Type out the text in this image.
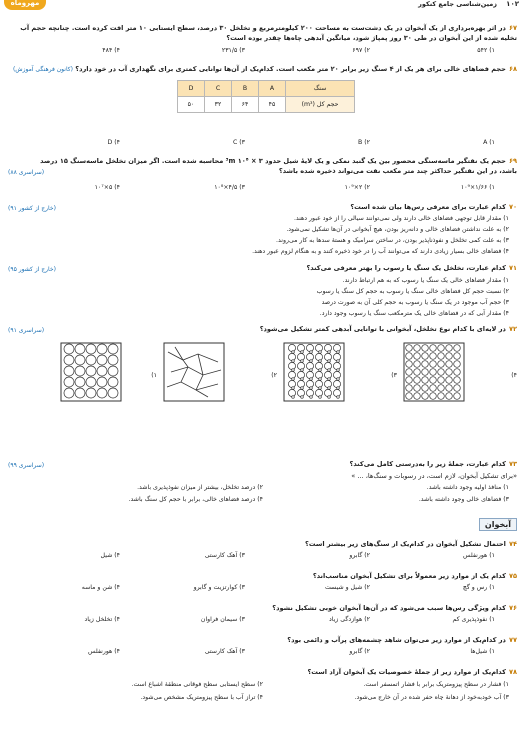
مهروماه	۱۰۲
زمین‌شناسی جامع کنکور
۶۷در اثر بهره‌برداری از یک آبخوان در یک دشت‌ست به مساحت ۲۰۰ کیلومترمربع و تخلخل ۳۰ درصد، سطح ایستابی ۱۰ متر افت کرده است. چنانچه حجم آب
تخلیه شده از این آبخوان در طی ۳۰ روز پمپاژ شود، میانگین آبدهی چاه‌ها چقدر بوده است؟
۱) ۵۴۲
۲) ۶۹۷
۳) ۲۳۱/۵
۴) ۴۸۴
۶۸حجم فضاهای خالی برای هر یک از ۴ سنگ زیر برابر ۲۰ متر مکعب است. کدام‌یک از آن‌ها توانایی کمتری برای نگهداری آب در خود دارد؟ (کانون فرهنگی آموزش)
سنگ	A	B	C	D
حجم کل (m³)	۴۵	۶۴	۳۲	۵۰
A (۱
B (۲
C (۳
D (۴
۶۹حجم یک نفتگیر ماسه‌سنگی محصور بین یک گنبد نمکی و یک لایهٔ شیل حدود ³m ۱۰⁸ × ۳ محاسبه شده است. اگر میزان تخلخل ماسه‌سنگ ۱۵ درصد
باشد، در این نفتگیر حداکثر چند متر مکعب نفت می‌تواند ذخیره شده باشد؟
(سراسری ۸۸)
۱) ۱/۶۶×۱۰⁹
۲) ۲×۱۰⁹
۳) ۴/۵×۱۰⁸
۴) ۵×۱۰⁷
۷۰کدام عبارت برای معرفی رس‌ها بیان شده است؟
(خارج از کشور ۹۱)
۱) مقدار قابل توجهی فضاهای خالی دارند ولی نمی‌توانند سیالی را از خود عبور دهند.
۲) به علت نداشتن فضاهای خالی و دانه‌ریز بودن، هیچ آبخوانی در آن‌ها تشکیل نمی‌شود.
۳) به علت کمی تخلخل و نفوذناپذیر بودن، در ساختن سرامیک و هستهٔ سدها به کار می‌روند.
۴) فضاهای خالی بسیار زیادی دارند که می‌توانند آب را در خود ذخیره کنند و به هنگام لزوم عبور دهند.
۷۱کدام عبارت، تخلخل یک سنگ یا رسوب را بهتر معرفی می‌کند؟
(خارج از کشور ۹۵)
۱) مقدار فضاهای خالی یک سنگ یا رسوب که به هم ارتباط دارند.
۲) نسبت حجم کل فضاهای خالی سنگ یا رسوب به حجم کل سنگ یا رسوب
۳) حجم آب موجود در یک سنگ یا رسوب به حجم کلی آن به صورت درصد
۴) مقدار آبی که در فضاهای خالی یک مترمکعب سنگ یا رسوب وجود دارد.
۷۲در لایه‌ای با کدام نوع تخلخل، آبخوانی با توانایی آبدهی کمتر تشکیل می‌شود؟
(سراسری ۹۱)
۱)	۲)	۳)	۴)
۷۳کدام عبارت، جملهٔ زیر را به‌درستی کامل می‌کند؟
(سراسری ۹۹)
«برای تشکیل آبخوان، لازم است، در رسوبات و سنگ‌ها، ... »
۱) منافذ اولیه وجود داشته باشد.
۲) درصد تخلخل، بیشتر از میزان نفوذپذیری باشد.
۳) فضاهای خالی وجود داشته باشد.
۴) درصد فضاهای خالی، برابر با حجم کل سنگ باشد.
آبخوان
۷۴احتمال تشکیل آبخوان در کدام‌یک از سنگ‌های زیر بیشتر است؟
۱) هورنفلس
۲) گابرو
۳) آهک کارستی
۴) شیل
۷۵کدام یک از موارد زیر معمولاً برای تشکیل آبخوان مناسب‌اند؟
۱) رس و گچ
۲) شیل و شیست
۳) کوارتزیت و گابرو
۴) شن و ماسه
۷۶کدام ویژگی رس‌ها سبب می‌شود که در آن‌ها آبخوان خوبی تشکیل نشود؟
۱) نفوذپذیری کم
۲) هوازدگی زیاد
۳) سیمان فراوان
۴) تخلخل زیاد
۷۷در کدام‌یک از موارد زیر می‌توان شاهد چشمه‌های پرآب و دائمی بود؟
۱) شیل‌ها
۲) گابرو
۳) آهک کارستی
۴) هورنفلس
۷۸کدام‌یک از موارد زیر از جملهٔ خصوصیات یک آبخوان آزاد است؟
۱) فشار در سطح پیزومتریک برابر با فشار اتمسفر است.
۲) سطح ایستابی سطح فوقانی منطقهٔ اشباع است.
۳) آب خودبه‌خود از دهانهٔ چاه حفر شده در آن خارج می‌شود.
۴) تراز آب با سطح پیزومتریک مشخص می‌شود.
